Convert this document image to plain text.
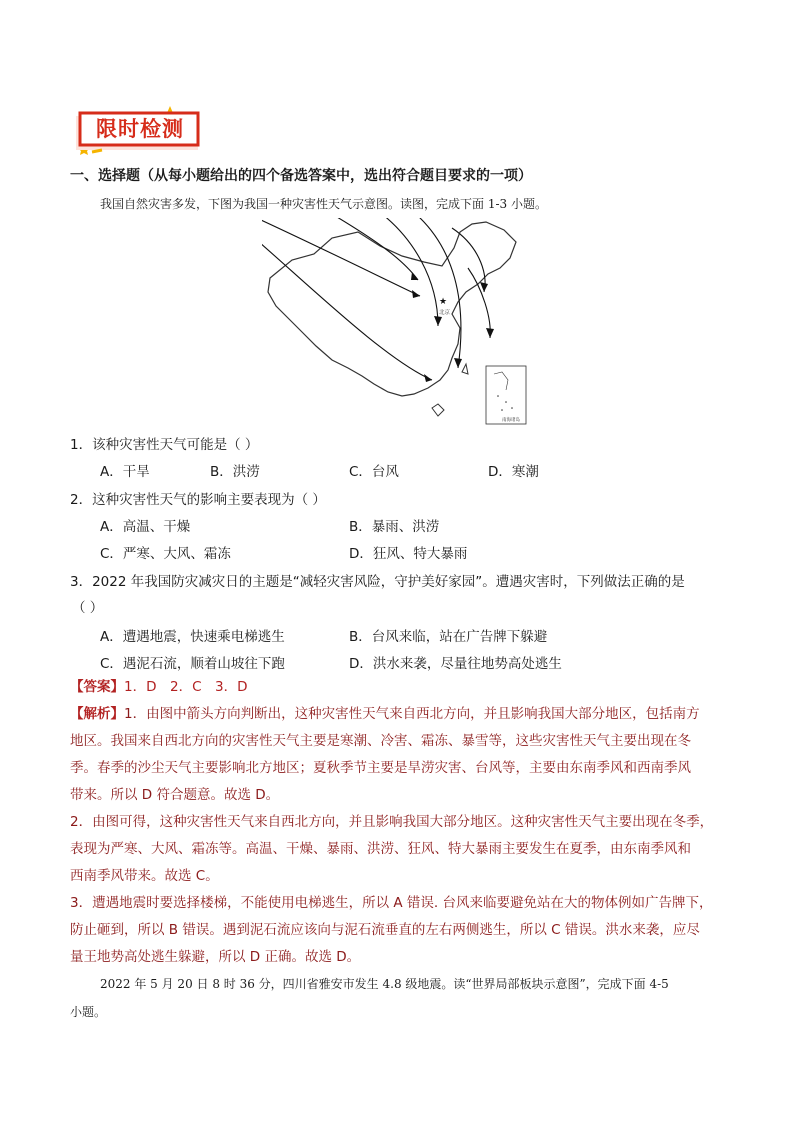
限时检测
一、选择题（从每小题给出的四个备选答案中，选出符合题目要求的一项）
我国自然灾害多发，下图为我国一种灾害性天气示意图。读图，完成下面 1-3 小题。
★
北京
南海诸岛
1．该种灾害性天气可能是（ ）
A．干旱	B．洪涝	C．台风	D．寒潮
2．这种灾害性天气的影响主要表现为（ ）
A．高温、干燥	B．暴雨、洪涝
C．严寒、大风、霜冻	D．狂风、特大暴雨
3．2022 年我国防灾减灾日的主题是“减轻灾害风险，守护美好家园”。遭遇灾害时，下列做法正确的是
（ ）
A．遭遇地震，快速乘电梯逃生	B．台风来临，站在广告牌下躲避
C．遇泥石流，顺着山坡往下跑	D．洪水来袭，尽量往地势高处逃生
【答案】1．D　2．C　3．D
【解析】1．由图中箭头方向判断出，这种灾害性天气来自西北方向，并且影响我国大部分地区，包括南方
地区。我国来自西北方向的灾害性天气主要是寒潮、冷害、霜冻、暴雪等，这些灾害性天气主要出现在冬
季。春季的沙尘天气主要影响北方地区；夏秋季节主要是旱涝灾害、台风等，主要由东南季风和西南季风
带来。所以 D 符合题意。故选 D。
2．由图可得，这种灾害性天气来自西北方向，并且影响我国大部分地区。这种灾害性天气主要出现在冬季，
表现为严寒、大风、霜冻等。高温、干燥、暴雨、洪涝、狂风、特大暴雨主要发生在夏季，由东南季风和
西南季风带来。故选 C。
3．遭遇地震时要选择楼梯，不能使用电梯逃生，所以 A 错误. 台风来临要避免站在大的物体例如广告牌下，
防止砸到，所以 B 错误。遇到泥石流应该向与泥石流垂直的左右两侧逃生，所以 C 错误。洪水来袭，应尽
量王地势高处逃生躲避，所以 D 正确。故选 D。
2022 年 5 月 20 日 8 时 36 分，四川省雅安市发生 4.8 级地震。读“世界局部板块示意图”，完成下面 4-5
小题。
